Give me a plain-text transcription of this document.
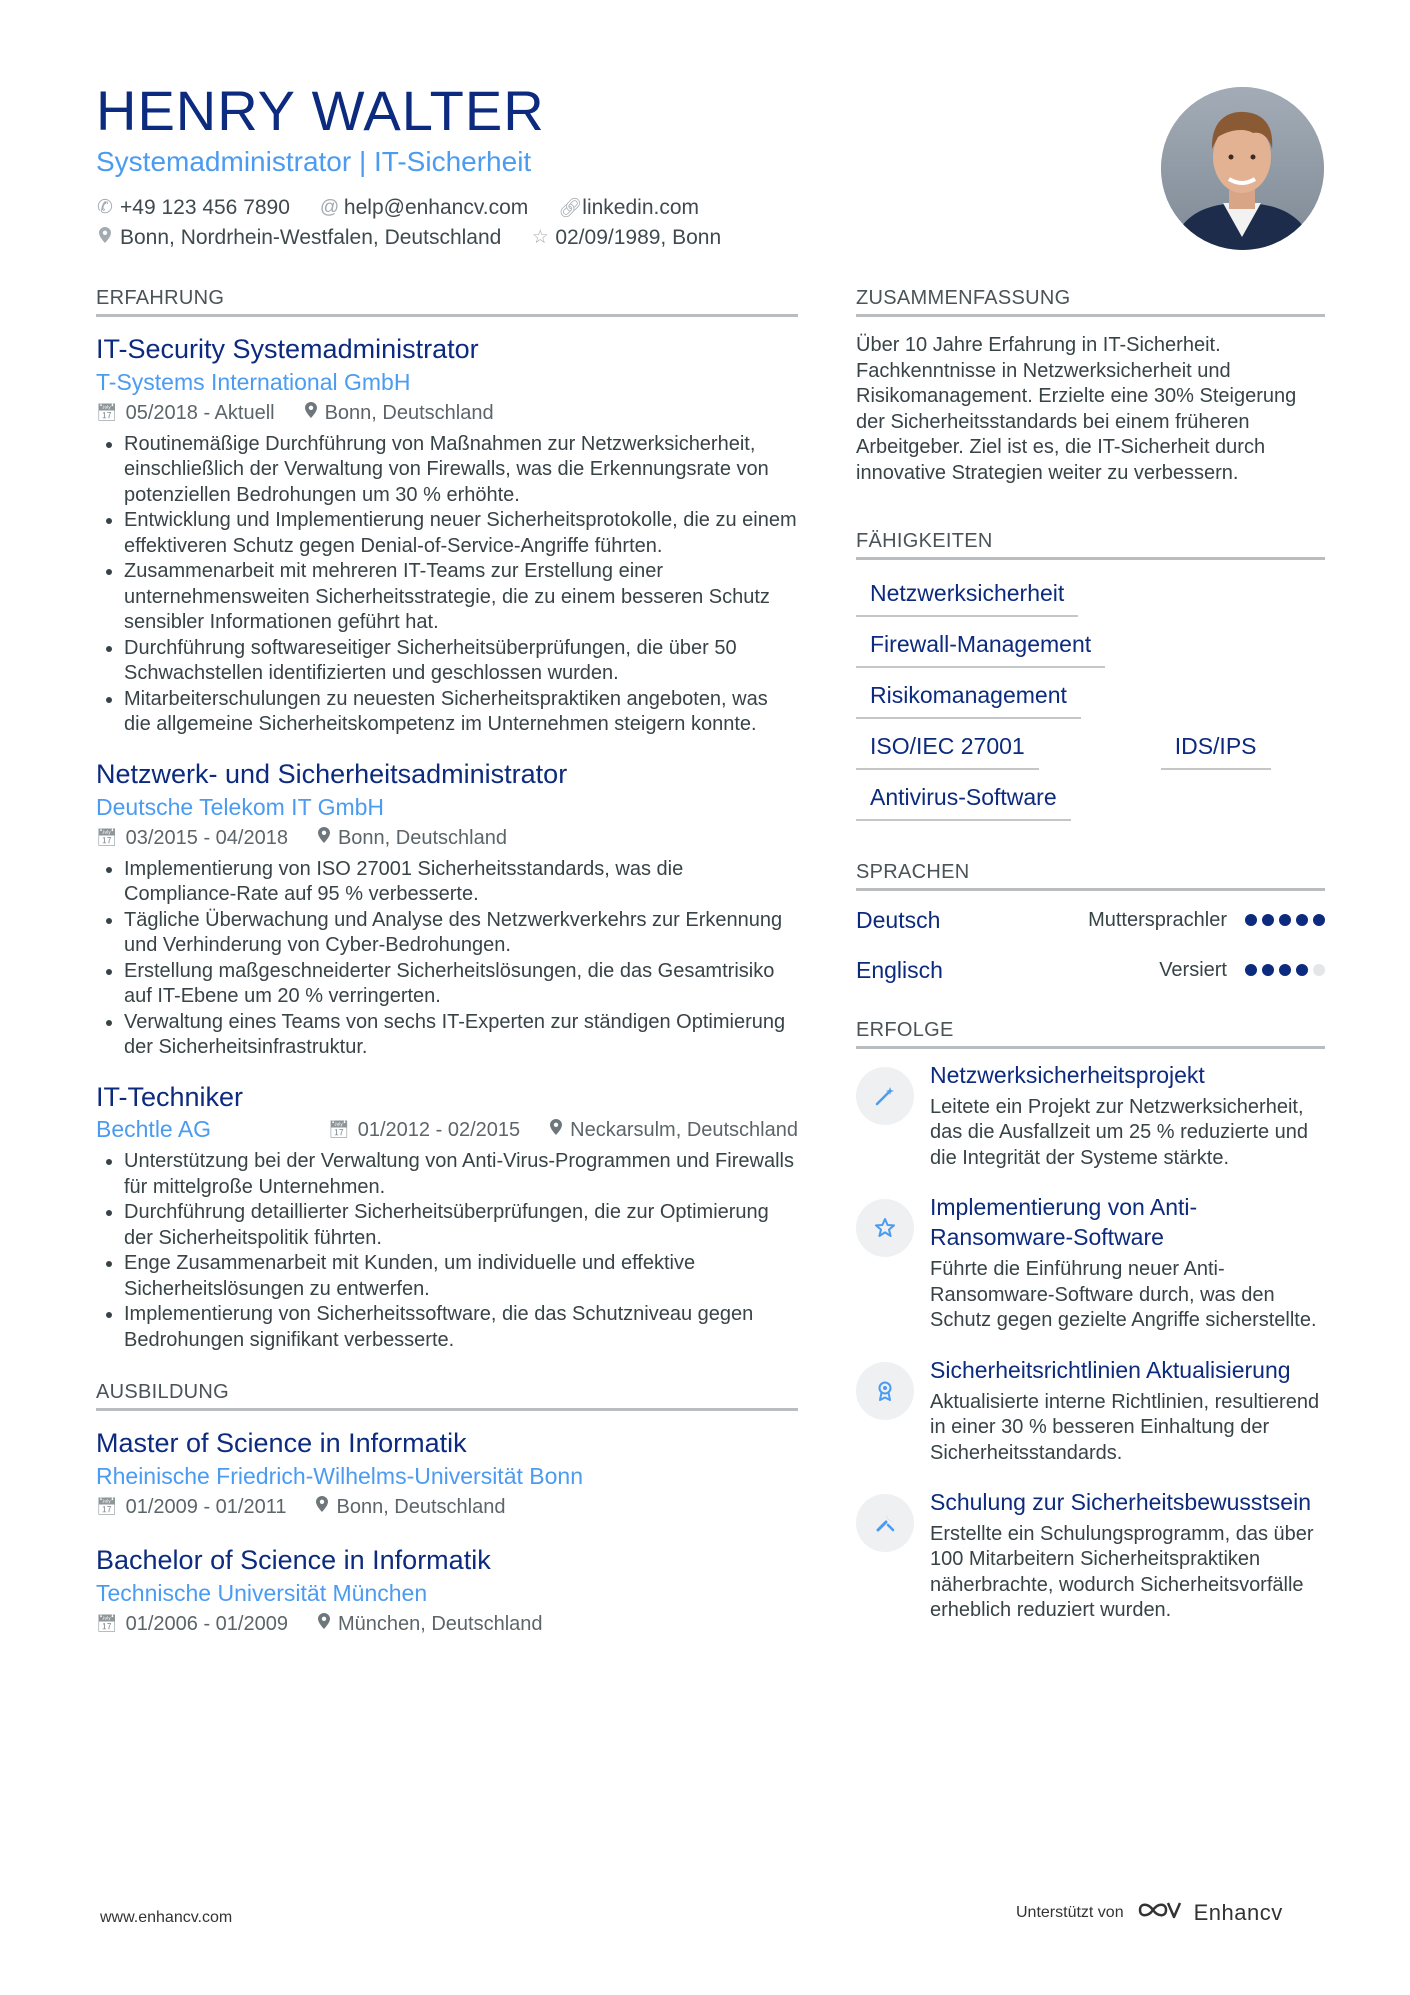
HENRY WALTER
Systemadministrator | IT-Sicherheit
✆ +49 123 456 7890 @ help@enhancv.com 🔗︎ linkedin.com
Bonn, Nordrhein-Westfalen, Deutschland ☆ 02/09/1989, Bonn
ERFAHRUNG
IT-Security Systemadministrator
T-Systems International GmbH
📅︎ 05/2018 - Aktuell	Bonn, Deutschland
• Routinemäßige Durchführung von Maßnahmen zur Netzwerksicherheit, einschließlich der Verwaltung von Firewalls, was die Erkennungsrate von potenziellen Bedrohungen um 30 % erhöhte.
• Entwicklung und Implementierung neuer Sicherheitsprotokolle, die zu einem effektiveren Schutz gegen Denial-of-Service-Angriffe führten.
• Zusammenarbeit mit mehreren IT-Teams zur Erstellung einer unternehmensweiten Sicherheitsstrategie, die zu einem besseren Schutz sensibler Informationen geführt hat.
• Durchführung softwareseitiger Sicherheitsüberprüfungen, die über 50 Schwachstellen identifizierten und geschlossen wurden.
• Mitarbeiterschulungen zu neuesten Sicherheitspraktiken angeboten, was die allgemeine Sicherheitskompetenz im Unternehmen steigern konnte.
Netzwerk- und Sicherheitsadministrator
Deutsche Telekom IT GmbH
📅︎ 03/2015 - 04/2018	Bonn, Deutschland
• Implementierung von ISO 27001 Sicherheitsstandards, was die Compliance-Rate auf 95 % verbesserte.
• Tägliche Überwachung und Analyse des Netzwerkverkehrs zur Erkennung und Verhinderung von Cyber-Bedrohungen.
• Erstellung maßgeschneiderter Sicherheitslösungen, die das Gesamtrisiko auf IT-Ebene um 20 % verringerten.
• Verwaltung eines Teams von sechs IT-Experten zur ständigen Optimierung der Sicherheitsinfrastruktur.
IT-Techniker
Bechtle AG	📅︎ 01/2012 - 02/2015	Neckarsulm, Deutschland
• Unterstützung bei der Verwaltung von Anti-Virus-Programmen und Firewalls für mittelgroße Unternehmen.
• Durchführung detaillierter Sicherheitsüberprüfungen, die zur Optimierung der Sicherheitspolitik führten.
• Enge Zusammenarbeit mit Kunden, um individuelle und effektive Sicherheitslösungen zu entwerfen.
• Implementierung von Sicherheitssoftware, die das Schutzniveau gegen Bedrohungen signifikant verbesserte.
AUSBILDUNG
Master of Science in Informatik
Rheinische Friedrich-Wilhelms-Universität Bonn
📅︎ 01/2009 - 01/2011	Bonn, Deutschland
Bachelor of Science in Informatik
Technische Universität München
📅︎ 01/2006 - 01/2009	München, Deutschland
ZUSAMMENFASSUNG

Über 10 Jahre Erfahrung in IT-Sicherheit. Fachkenntnisse in Netzwerksicherheit und Risikomanagement. Erzielte eine 30% Steigerung der Sicherheitsstandards bei einem früheren Arbeitgeber. Ziel ist es, die IT-Sicherheit durch innovative Strategien weiter zu verbessern.

FÄHIGKEITEN
Netzwerksicherheit
Firewall-Management
Risikomanagement
ISO/IEC 27001	IDS/IPS
Antivirus-Software
SPRACHEN
Deutsch	Muttersprachler
Englisch	Versiert
ERFOLGE
Netzwerksicherheitsprojekt
Leitete ein Projekt zur Netzwerksicherheit, das die Ausfallzeit um 25 % reduzierte und die Integrität der Systeme stärkte.
Implementierung von Anti-Ransomware-Software
Führte die Einführung neuer Anti-Ransomware-Software durch, was den Schutz gegen gezielte Angriffe sicherstellte.
Sicherheitsrichtlinien Aktualisierung
Aktualisierte interne Richtlinien, resultierend in einer 30 % besseren Einhaltung der Sicherheitsstandards.
Schulung zur Sicherheitsbewusstsein
Erstellte ein Schulungsprogramm, das über 100 Mitarbeitern Sicherheitspraktiken näherbrachte, wodurch Sicherheitsvorfälle erheblich reduziert wurden.
www.enhancv.com	Unterstützt von	Enhancv
